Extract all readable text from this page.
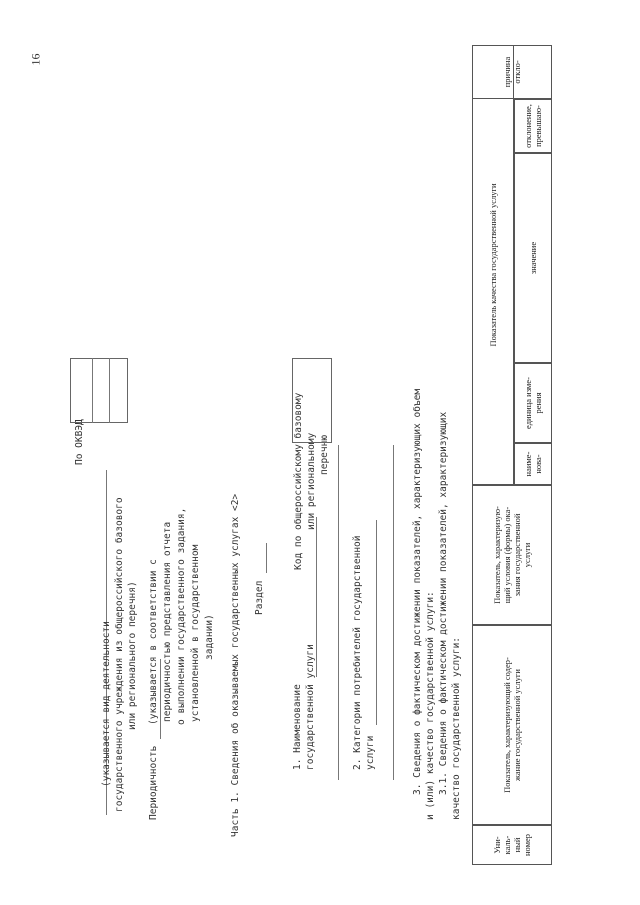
16
(указывается вид деятельности государственного учреждения из общероссийского базового или регионального перечня)
По ОКВЭД
Периодичность
(указывается в соответствии с периодичностью представления отчета о выполнении государственного задания, установленной в государственном задании) Часть 1. Сведения об оказываемых государственных услугах <2> Раздел
1. Наименование государственной услуги
Код по общероссийскому базовому или региональному перечню
2. Категории потребителей государственной услуги	3. Сведения о фактическом достижении показателей, характеризующих объем и (или) качество государственной услуги: 3.1. Сведения о фактическом достижении показателей, характеризующих качество государственной услуги:
Уни-
каль-
ный
номер
Показатель, характеризующий содер-
жание государственной услуги
Показатель, характеризую-
щий условия (формы) ока-
зания государственной
услуги
Показатель качества государственной услуги
наиме-
нова-
единица изме-
рения
значение
отклонение,
превышаю-
причина
откло-
